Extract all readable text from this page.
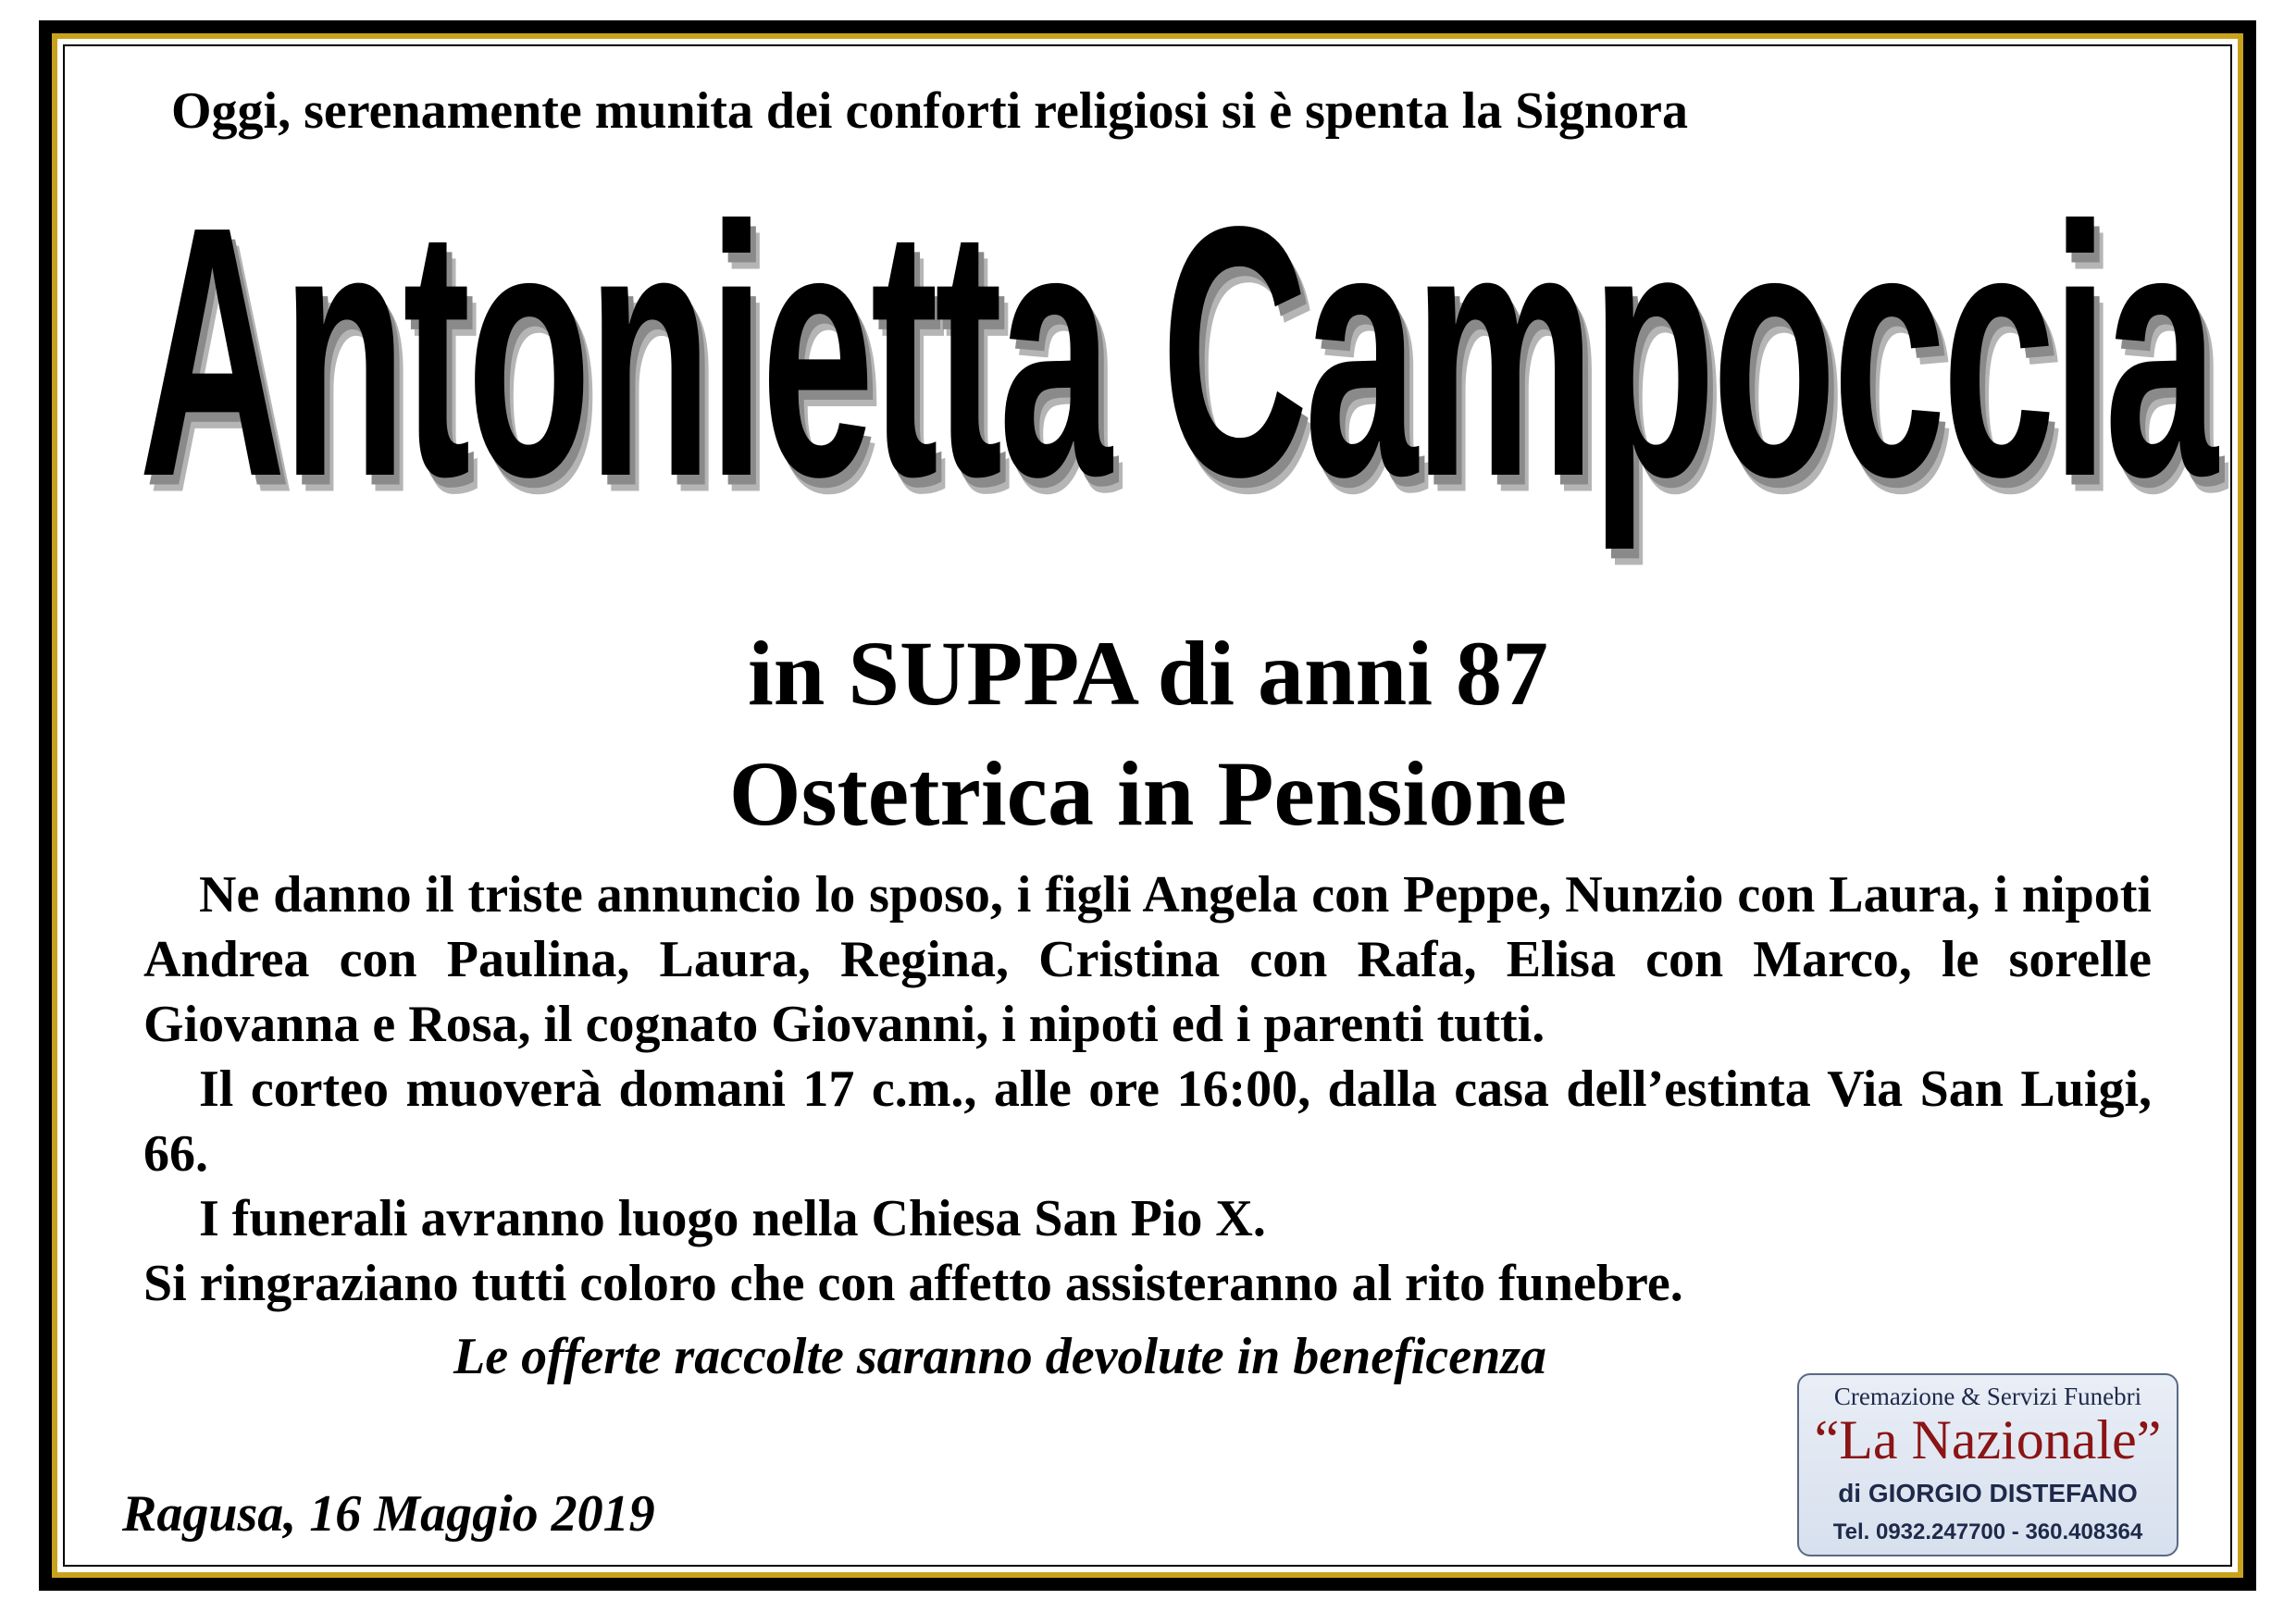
Oggi, serenamente munita dei conforti religiosi si è spenta la Signora
Antonietta Campoccia
in SUPPA di anni 87
Ostetrica in Pensione

Ne danno il triste annuncio lo sposo, i figli Angela con Peppe, Nunzio con Laura, i nipoti Andrea con Paulina, Laura, Regina, Cristina con Rafa, Elisa con Marco, le sorelle Giovanna e Rosa, il cognato Giovanni, i nipoti ed i parenti tutti.

Il corteo muoverà domani 17 c.m., alle ore 16:00, dalla casa dell’estinta Via San Luigi, 66.

I funerali avranno luogo nella Chiesa San Pio X.

Si ringraziano tutti coloro che con affetto assisteranno al rito funebre.

Le offerte raccolte saranno devolute in beneficenza
Ragusa, 16 Maggio 2019
Cremazione & Servizi Funebri
“La Nazionale”
di GIORGIO DISTEFANO
Tel. 0932.247700 - 360.408364
